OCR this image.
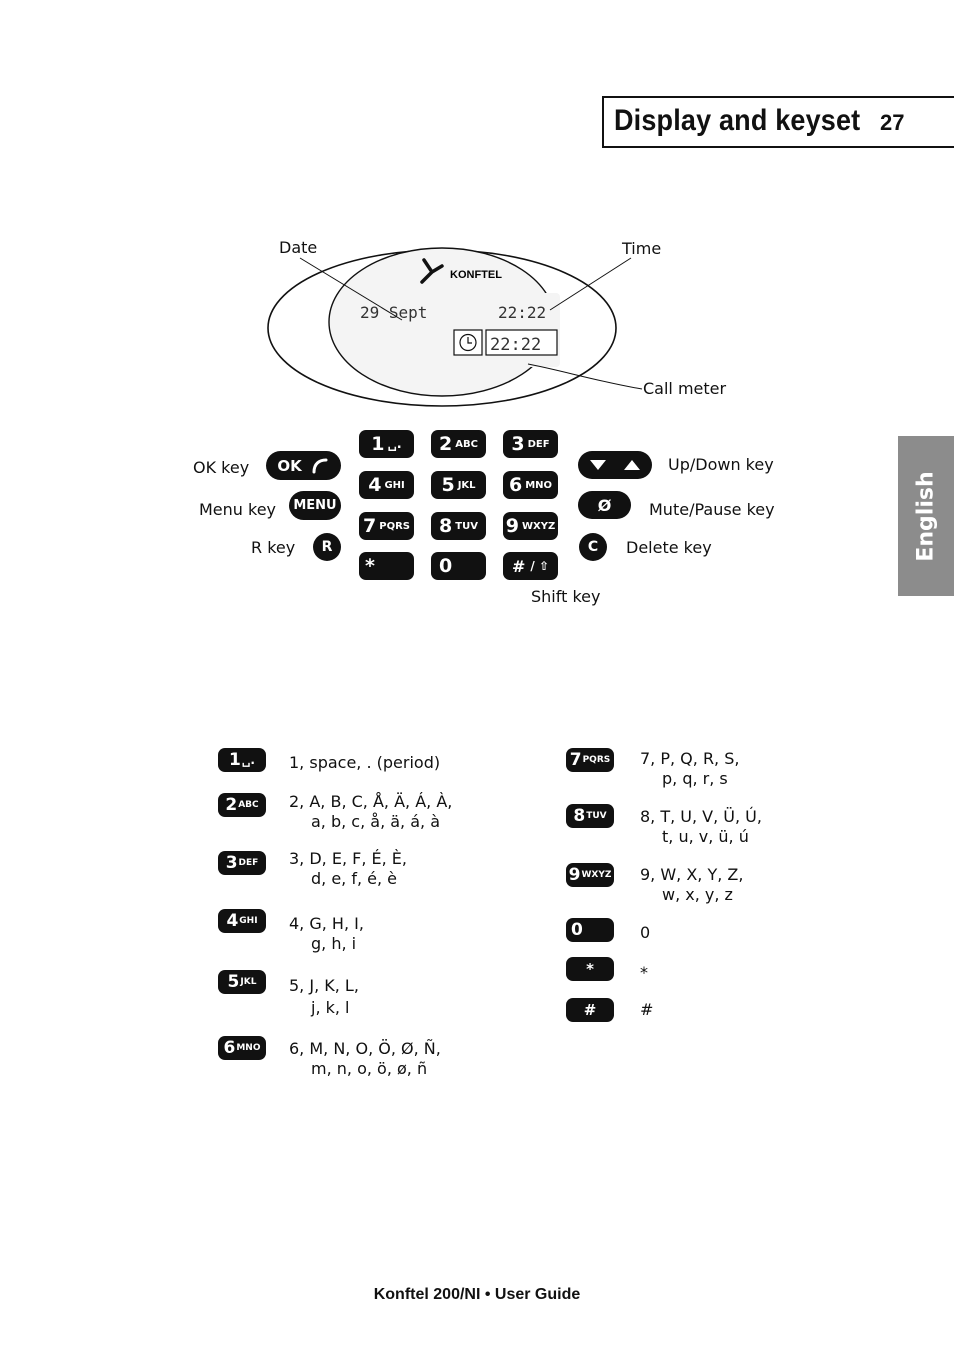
Display and keyset 27
English
KONFTEL
29 Sept	22:22
22:22
Date	Time
Call meter
OK key OK
Menu key MENU
R key R
1 ␣. 2 ABC 3 DEF
4 GHI 5 JKL 6 MNO
7 PQRS 8 TUV 9 WXYZ
*	0	# / ⇧
Shift key
Up/Down key
Ø Mute/Pause key
C Delete key
1 ␣. 1, space, . (period)
2 ABC 2, A, B, C, Å, Ä, Á, À,
a, b, c, å, ä, á, à
3 DEF 3, D, E, F, É, È,
d, e, f, é, è
4 GHI 4, G, H, I,
g, h, i
5 JKL 5, J, K, L,
j, k, l
6 MNO 6, M, N, O, Ö, Ø, Ñ,
m, n, o, ö, ø, ñ
7 PQRS 7, P, Q, R, S,
p, q, r, s
8 TUV 8, T, U, V, Ü, Ú,
t, u, v, ü, ú
9 WXYZ 9, W, X, Y, Z,
w, x, y, z
0	0
*	*
#	#
Konftel 200/NI • User Guide
